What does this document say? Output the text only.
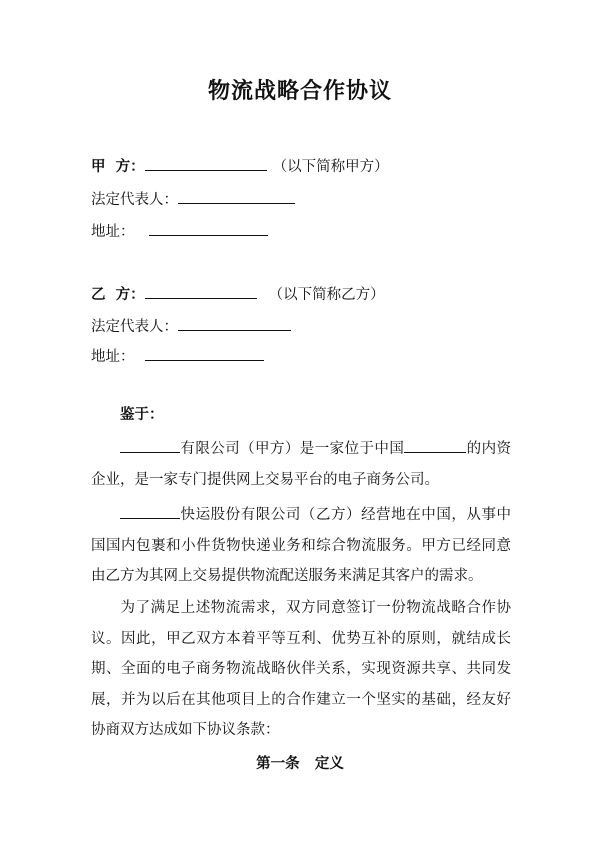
物流战略合作协议
甲  方：	（以下简称甲方）
法定代表人：
地址：
乙  方：	（以下简称乙方）
法定代表人：
地址：
鉴于：
有限公司（甲方）是一家位于中国	的内资企业，是一家专门提供网上交易平台的电子商务公司。
快运股份有限公司（乙方）经营地在中国，从事中国国内包裹和小件货物快递业务和综合物流服务。甲方已经同意由乙方为其网上交易提供物流配送服务来满足其客户的需求。
为了满足上述物流需求，双方同意签订一份物流战略合作协议。因此，甲乙双方本着平等互利、优势互补的原则，就结成长期、全面的电子商务物流战略伙伴关系，实现资源共享、共同发展，并为以后在其他项目上的合作建立一个坚实的基础，经友好协商双方达成如下协议条款：
第一条   定义
